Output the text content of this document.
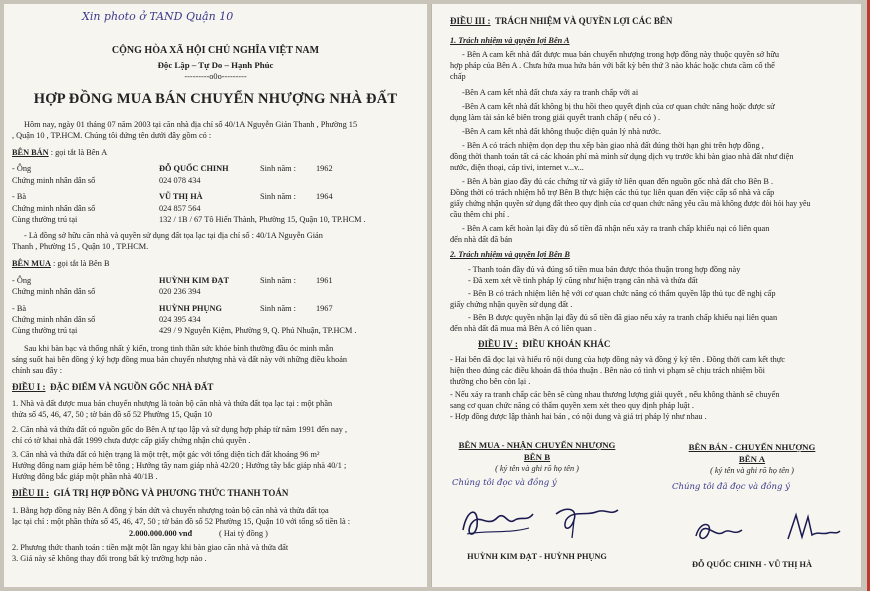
Xin photo ở TAND Quận 10
CỘNG HÒA XÃ HỘI CHỦ NGHĨA VIỆT NAM
Độc Lập – Tự Do – Hạnh Phúc
---------o0o---------
HỢP ĐỒNG MUA BÁN CHUYỂN NHƯỢNG NHÀ ĐẤT
Hôm nay, ngày 01 tháng 07 năm 2003 tại căn nhà địa chỉ số 40/1A Nguyễn Giản Thanh , Phường 15
, Quận 10 , TP.HCM. Chúng tôi đứng tên dưới đây gồm có :
BÊN BÁN : gọi tắt là Bên A
- Ông	ĐỖ QUỐC CHINH	Sinh năm : 1962
Chứng minh nhân dân số	024 078 434
- Bà	VŨ THỊ HÀ	Sinh năm : 1964
Chứng minh nhân dân số	024 857 564
Cùng thường trú tại	132 / 1B / 67 Tô Hiến Thành, Phường 15, Quận 10, TP.HCM .
- Là đồng sở hữu căn nhà và quyền sử dụng đất tọa lạc tại địa chỉ số : 40/1A Nguyễn Giản
Thanh , Phường 15 , Quận 10 , TP.HCM.
BÊN MUA : gọi tắt là Bên B
- Ông	HUỲNH KIM ĐẠT	Sinh năm : 1961
Chứng minh nhân dân số	020 236 394
- Bà	HUỲNH PHỤNG	Sinh năm : 1967
Chứng minh nhân dân số	024 395 434
Cùng thường trú tại	429 / 9 Nguyễn Kiệm, Phường 9, Q. Phú Nhuận, TP.HCM .
Sau khi bàn bạc và thống nhất ý kiến, trong tinh thần sức khỏe bình thường đầu óc minh mẫn
sáng suốt hai bên đồng ý ký hợp đồng mua bán chuyển nhượng nhà và đất này với những điều khoản
chính sau đây :
ĐIỀU I : ĐẶC ĐIỂM VÀ NGUỒN GỐC NHÀ ĐẤT
1. Nhà và đất được mua bán chuyển nhượng là toàn bộ căn nhà và thửa đất tọa lạc tại : một phần
thửa số 45, 46, 47, 50 ; tờ bản đồ số 52 Phường 15, Quận 10
2. Căn nhà và thửa đất có nguồn gốc do Bên A tự tạo lập và sử dụng hợp pháp từ năm 1991 đến nay ,
chỉ có tờ khai nhà đất 1999 chưa được cấp giấy chứng nhận chủ quyền .
3. Căn nhà và thửa đất có hiện trạng là một trệt, một gác với tổng diện tích đất khoảng 96 m²
Hướng đông nam giáp hẻm bê tông ; Hướng tây nam giáp nhà 42/20 ; Hướng tây bắc giáp nhà 40/1 ;
Hướng đông bắc giáp một phần nhà 40/1B .
ĐIỀU II : GIÁ TRỊ HỢP ĐỒNG VÀ PHƯƠNG THỨC THANH TOÁN
1. Bằng hợp đồng này Bên A đồng ý bán dứt và chuyển nhượng toàn bộ căn nhà và thửa đất tọa
lạc tại chỉ : một phần thửa số 45, 46, 47, 50 ; tờ bản đồ số 52 Phường 15, Quận 10 với tổng số tiền là :
2.000.000.000 vnđ	( Hai tỷ đồng )
2. Phương thức thanh toán : tiền mặt một lần ngay khi bàn giao căn nhà và thửa đất
3. Giá này sẽ không thay đổi trong bất kỳ trường hợp nào .
ĐIỀU III : TRÁCH NHIỆM VÀ QUYỀN LỢI CÁC BÊN
1. Trách nhiệm và quyền lợi Bên A
- Bên A cam kết nhà đất được mua bán chuyển nhượng trong hợp đồng này thuộc quyền sở hữu
hợp pháp của Bên A . Chưa hứa mua hứa bán với bất kỳ bên thứ 3 nào khác hoặc chưa cầm cố thế
chấp
-Bên A cam kết nhà đất chưa xảy ra tranh chấp với ai
-Bên A cam kết nhà đất không bị thu hồi theo quyết định của cơ quan chức năng hoặc được sử
dụng làm tài sản kê biên trong giải quyết tranh chấp ( nếu có ) .
-Bên A cam kết nhà đất không thuộc diện quản lý nhà nước.
- Bên A có trách nhiệm dọn dẹp thu xếp bàn giao nhà đất đúng thời hạn ghi trên hợp đồng ,
đồng thời thanh toán tất cả các khoản phí mà mình sử dụng dịch vụ trước khi bàn giao nhà đất như điện
nước, điện thoại, cáp tivi, internet v...v...
- Bên A bàn giao đầy đủ các chứng từ và giấy tờ liên quan đến nguồn gốc nhà đất cho Bên B .
Đồng thời có trách nhiệm hỗ trợ Bên B thực hiện các thủ tục liên quan đến việc cấp sổ nhà và cấp
giấy chứng nhận quyền sử dụng đất theo quy định của cơ quan chức năng yêu cầu mà không được đòi hỏi hay yêu
cầu thêm chi phí .
- Bên A cam kết hoàn lại đầy đủ số tiền đã nhận nếu xảy ra tranh chấp khiếu nại có liên quan
đến nhà đất đã bán
2. Trách nhiệm và quyền lợi Bên B
- Thanh toán đầy đủ và đúng số tiền mua bán được thỏa thuận trong hợp đồng này
- Đã xem xét về tình pháp lý cũng như hiện trạng căn nhà và thửa đất
- Bên B có trách nhiệm liên hệ với cơ quan chức năng có thẩm quyền lập thủ tục đề nghị cấp
giấy chứng nhận quyền sử dụng đất .
- Bên B được quyền nhận lại đầy đủ số tiền đã giao nếu xảy ra tranh chấp khiếu nại liên quan
đến nhà đất đã mua mà Bên A có liên quan .
ĐIỀU IV : ĐIỀU KHOẢN KHÁC
- Hai bên đã đọc lại và hiểu rõ nội dung của hợp đồng này và đồng ý ký tên . Đồng thời cam kết thực
hiện theo đúng các điều khoản đã thỏa thuận . Bên nào có tình vi phạm sẽ chịu trách nhiệm bồi
thường cho bên còn lại .
- Nếu xảy ra tranh chấp các bên sẽ cùng nhau thương lượng giải quyết , nếu không thành sẽ chuyển
sang cơ quan chức năng có thẩm quyền xem xét theo quy định pháp luật .
- Hợp đồng được lập thành hai bản , có nội dung và giá trị pháp lý như nhau .
BÊN MUA - NHẬN CHUYỂN NHƯỢNG
BÊN B
( ký tên và ghi rõ họ tên )
Chúng tôi đọc và đồng ý
HUỲNH KIM ĐẠT - HUỲNH PHỤNG
BÊN BÁN - CHUYỂN NHƯỢNG
BÊN A
( ký tên và ghi rõ họ tên )
Chúng tôi đã đọc và đồng ý
ĐỖ QUỐC CHINH - VŨ THỊ HÀ
